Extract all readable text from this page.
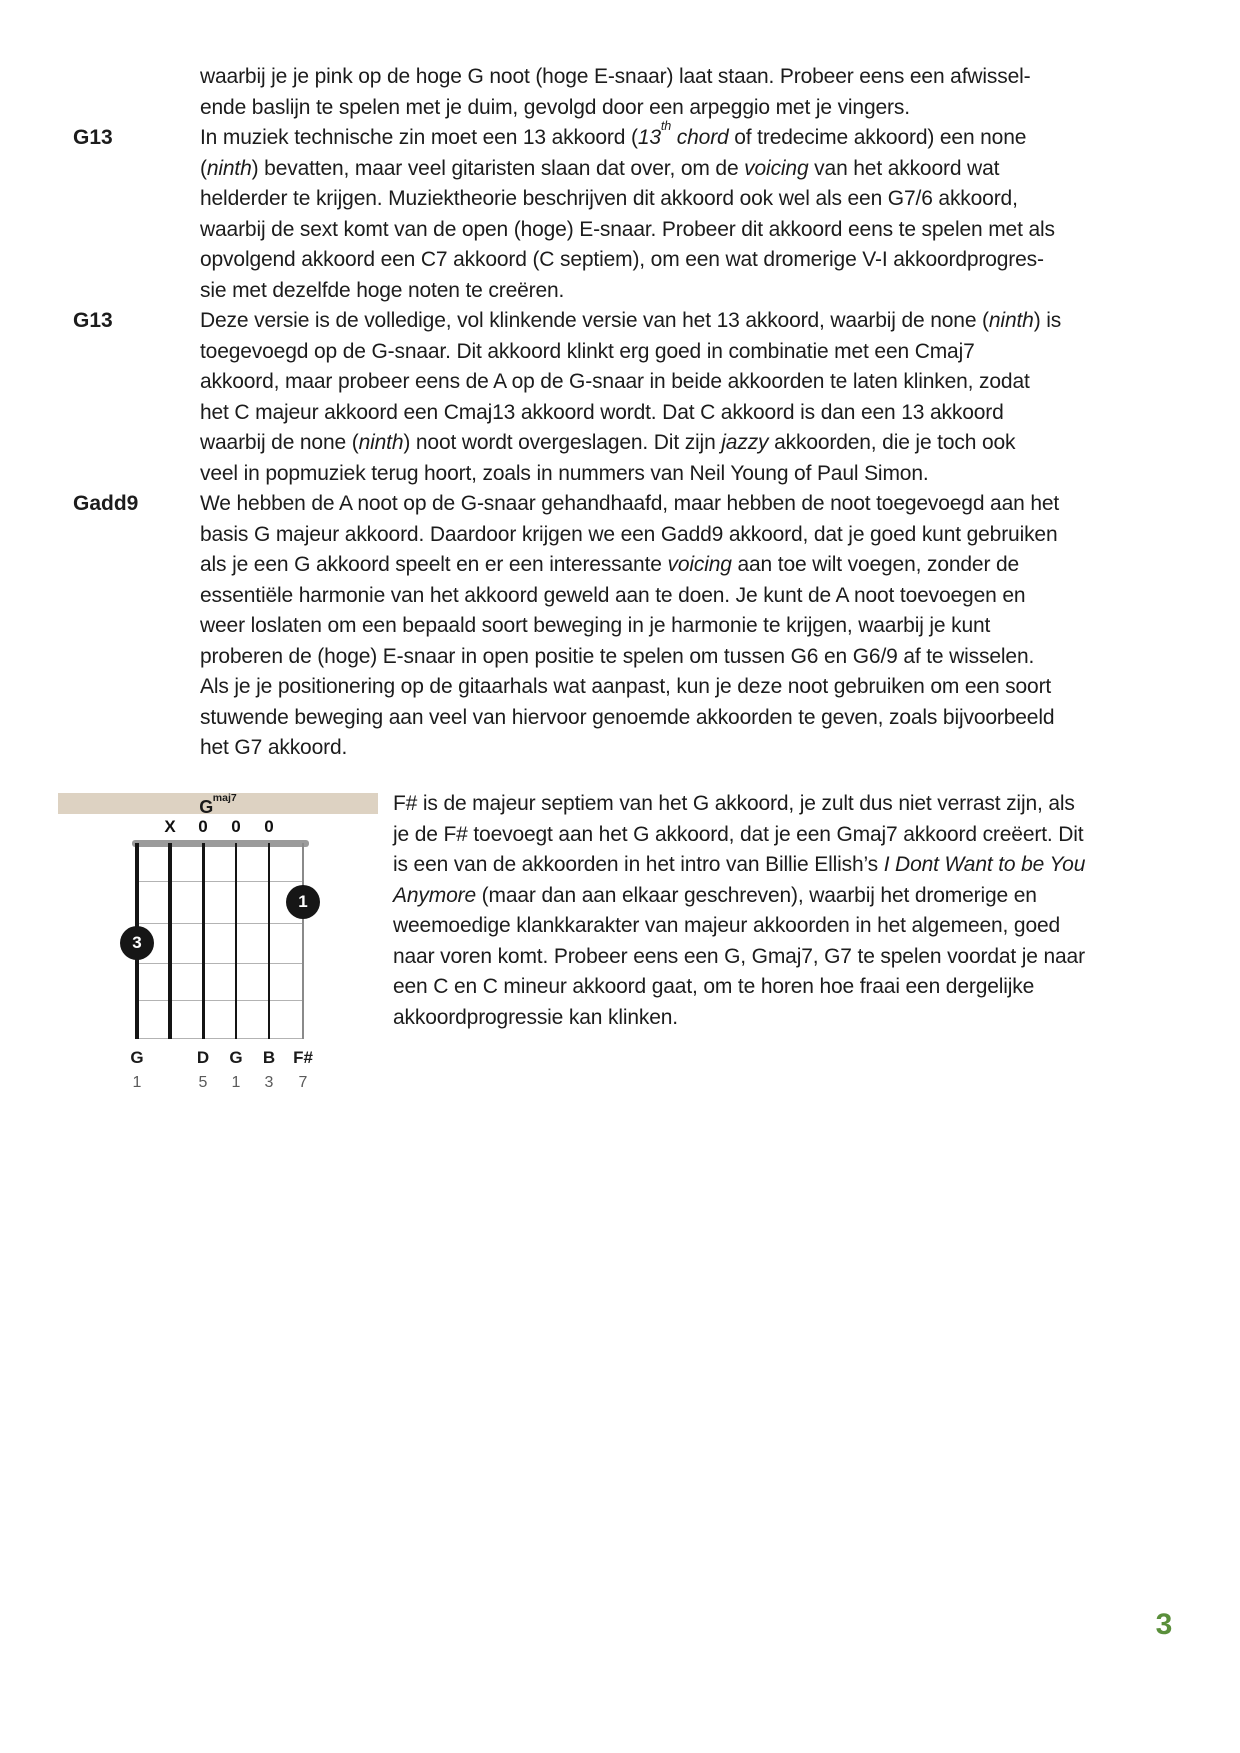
waarbij je je pink op de hoge G noot (hoge E-snaar) laat staan. Probeer eens een afwissel-
ende baslijn te spelen met je duim, gevolgd door een arpeggio met je vingers.
G13	In muziek technische zin moet een 13 akkoord (13th chord of tredecime akkoord) een none
(ninth) bevatten, maar veel gitaristen slaan dat over, om de voicing van het akkoord wat
helderder te krijgen. Muziektheorie beschrijven dit akkoord ook wel als een G7/6 akkoord,
waarbij de sext komt van de open (hoge) E-snaar. Probeer dit akkoord eens te spelen met als
opvolgend akkoord een C7 akkoord (C septiem), om een wat dromerige V-I akkoordprogres-
sie met dezelfde hoge noten te creëren.
G13	Deze versie is de volledige, vol klinkende versie van het 13 akkoord, waarbij de none (ninth) is
toegevoegd op de G-snaar. Dit akkoord klinkt erg goed in combinatie met een Cmaj7
akkoord, maar probeer eens de A op de G-snaar in beide akkoorden te laten klinken, zodat
het C majeur akkoord een Cmaj13 akkoord wordt. Dat C akkoord is dan een 13 akkoord
waarbij de none (ninth) noot wordt overgeslagen. Dit zijn jazzy akkoorden, die je toch ook
veel in popmuziek terug hoort, zoals in nummers van Neil Young of Paul Simon.
Gadd9	We hebben de A noot op de G-snaar gehandhaafd, maar hebben de noot toegevoegd aan het
basis G majeur akkoord. Daardoor krijgen we een Gadd9 akkoord, dat je goed kunt gebruiken
als je een G akkoord speelt en er een interessante voicing aan toe wilt voegen, zonder de
essentiële harmonie van het akkoord geweld aan te doen. Je kunt de A noot toevoegen en
weer loslaten om een bepaald soort beweging in je harmonie te krijgen, waarbij je kunt
proberen de (hoge) E-snaar in open positie te spelen om tussen G6 en G6/9 af te wisselen.
Als je je positionering op de gitaarhals wat aanpast, kun je deze noot gebruiken om een soort
stuwende beweging aan veel van hiervoor genoemde akkoorden te geven, zoals bijvoorbeeld
het G7 akkoord.
$G^{maj7}$
X 0 0 0
1
3
G	D G B F#
1	5 1 3 7
F# is de majeur septiem van het G akkoord, je zult dus niet verrast zijn, als
je de F# toevoegt aan het G akkoord, dat je een Gmaj7 akkoord creëert. Dit
is een van de akkoorden in het intro van Billie Ellish’s I Dont Want to be You
Anymore (maar dan aan elkaar geschreven), waarbij het dromerige en
weemoedige klankkarakter van majeur akkoorden in het algemeen, goed
naar voren komt. Probeer eens een G, Gmaj7, G7 te spelen voordat je naar
een C en C mineur akkoord gaat, om te horen hoe fraai een dergelijke
akkoordprogressie kan klinken.
3
